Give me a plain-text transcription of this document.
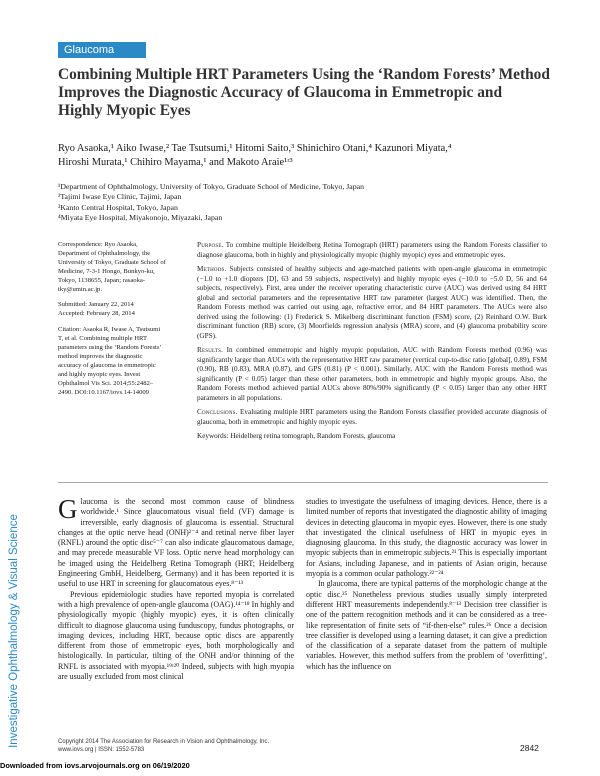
Glaucoma
Investigative Ophthalmology & Visual Science
Combining Multiple HRT Parameters Using the ‘Random Forests’ Method Improves the Diagnostic Accuracy of Glaucoma in Emmetropic and Highly Myopic Eyes
Ryo Asaoka,¹ Aiko Iwase,² Tae Tsutsumi,¹ Hitomi Saito,³ Shinichiro Otani,⁴ Kazunori Miyata,⁴
Hiroshi Murata,¹ Chihiro Mayama,¹ and Makoto Araie¹ʳ³
¹Department of Ophthalmology, University of Tokyo, Graduate School of Medicine, Tokyo, Japan
²Tajimi Iwase Eye Clinic, Tajimi, Japan
³Kanto Central Hospital, Tokyo, Japan
⁴Miyata Eye Hospital, Miyakonojo, Miyazaki, Japan

Correspondence: Ryo Asaoka, Department of Ophthalmology, the University of Tokyo, Graduate School of Medicine, 7-3-1 Hongo, Bunkyo-ku, Tokyo, 1138655, Japan; rasaoka-tky@umin.ac.jp.

Submitted: January 22, 2014
Accepted: February 28, 2014

Citation: Asaoka R, Iwase A, Tsutsumi T, et al. Combining multiple HRT parameters using the ‘Random Forests’ method improves the diagnostic accuracy of glaucoma in emmetropic and highly myopic eyes. Invest Ophthalmol Vis Sci. 2014;55:2482–2490. DOI:10.1167/iovs.14-14009

Purpose. To combine multiple Heidelberg Retina Tomograph (HRT) parameters using the Random Forests classifier to diagnose glaucoma, both in highly and physiologically myopic (highly myopic) eyes and emmetropic eyes.

Methods. Subjects consisted of healthy subjects and age-matched patients with open-angle glaucoma in emmetropic (−1.0 to +1.0 diopters [D], 63 and 59 subjects, respectively) and highly myopic eyes (−10.0 to −5.0 D, 56 and 64 subjects, respectively). First, area under the receiver operating characteristic curve (AUC) was derived using 84 HRT global and sectorial parameters and the representative HRT raw parameter (largest AUC) was identified. Then, the Random Forests method was carried out using age, refractive error, and 84 HRT parameters. The AUCs were also derived using the following: (1) Frederick S. Mikelberg discriminant function (FSM) score, (2) Reinhard O.W. Burk discriminant function (RB) score, (3) Moorfields regression analysis (MRA) score, and (4) glaucoma probability score (GPS).

Results. In combined emmetropic and highly myopic population, AUC with Random Forests method (0.96) was significantly larger than AUCs with the representative HRT raw parameter (vertical cup-to-disc ratio [global], 0.89), FSM (0.90), RB (0.83), MRA (0.87), and GPS (0.81) (P < 0.001). Similarly, AUC with the Random Forests method was significantly (P < 0.05) larger than these other parameters, both in emmetropic and highly myopic groups. Also, the Random Forests method achieved partial AUCs above 80%/90% significantly (P < 0.05) larger than any other HRT parameters in all populations.

Conclusions. Evaluating multiple HRT parameters using the Random Forests classifier provided accurate diagnosis of glaucoma, both in emmetropic and highly myopic eyes.

Keywords: Heidelberg retina tomograph, Random Forests, glaucoma

Glaucoma is the second most common cause of blindness worldwide.¹ Since glaucomatous visual field (VF) damage is irreversible, early diagnosis of glaucoma is essential. Structural changes at the optic nerve head (ONH)²⁻⁴ and retinal nerve fiber layer (RNFL) around the optic disc⁵⁻⁷ can also indicate glaucomatous damage, and may precede measurable VF loss. Optic nerve head morphology can be imaged using the Heidelberg Retina Tomograph (HRT; Heidelberg Engineering GmbH, Heidelberg, Germany) and it has been reported it is useful to use HRT in screening for glaucomatous eyes.⁸⁻¹³

Previous epidemiologic studies have reported myopia is correlated with a high prevalence of open-angle glaucoma (OAG).¹⁴⁻¹⁸ In highly and physiologically myopic (highly myopic) eyes, it is often clinically difficult to diagnose glaucoma using funduscopy, fundus photographs, or imaging devices, including HRT, because optic discs are apparently different from those of emmetropic eyes, both morphologically and histologically. In particular, tilting of the ONH and/or thinning of the RNFL is associated with myopia.¹⁹ʳ²⁰ Indeed, subjects with high myopia are usually excluded from most clinical

studies to investigate the usefulness of imaging devices. Hence, there is a limited number of reports that investigated the diagnostic ability of imaging devices in detecting glaucoma in myopic eyes. However, there is one study that investigated the clinical usefulness of HRT in myopic eyes in diagnosing glaucoma. In this study, the diagnostic accuracy was lower in myopic subjects than in emmetropic subjects.²¹ This is especially important for Asians, including Japanese, and in patients of Asian origin, because myopia is a common ocular pathology.²²⁻²⁴

In glaucoma, there are typical patterns of the morphologic change at the optic disc.²⁵ Nonetheless previous studies usually simply interpreted different HRT measurements independently.⁸⁻¹³ Decision tree classifier is one of the pattern recognition methods and it can be considered as a tree-like representation of finite sets of “if-then-else” rules.²⁶ Once a decision tree classifier is developed using a learning dataset, it can give a prediction of the classification of a separate dataset from the pattern of multiple variables. However, this method suffers from the problem of ‘overfitting’, which has the influence on

Copyright 2014 The Association for Research in Vision and Ophthalmology, Inc.
www.iovs.org | ISSN: 1552-5783	2842
Downloaded from iovs.arvojournals.org on 06/19/2020
